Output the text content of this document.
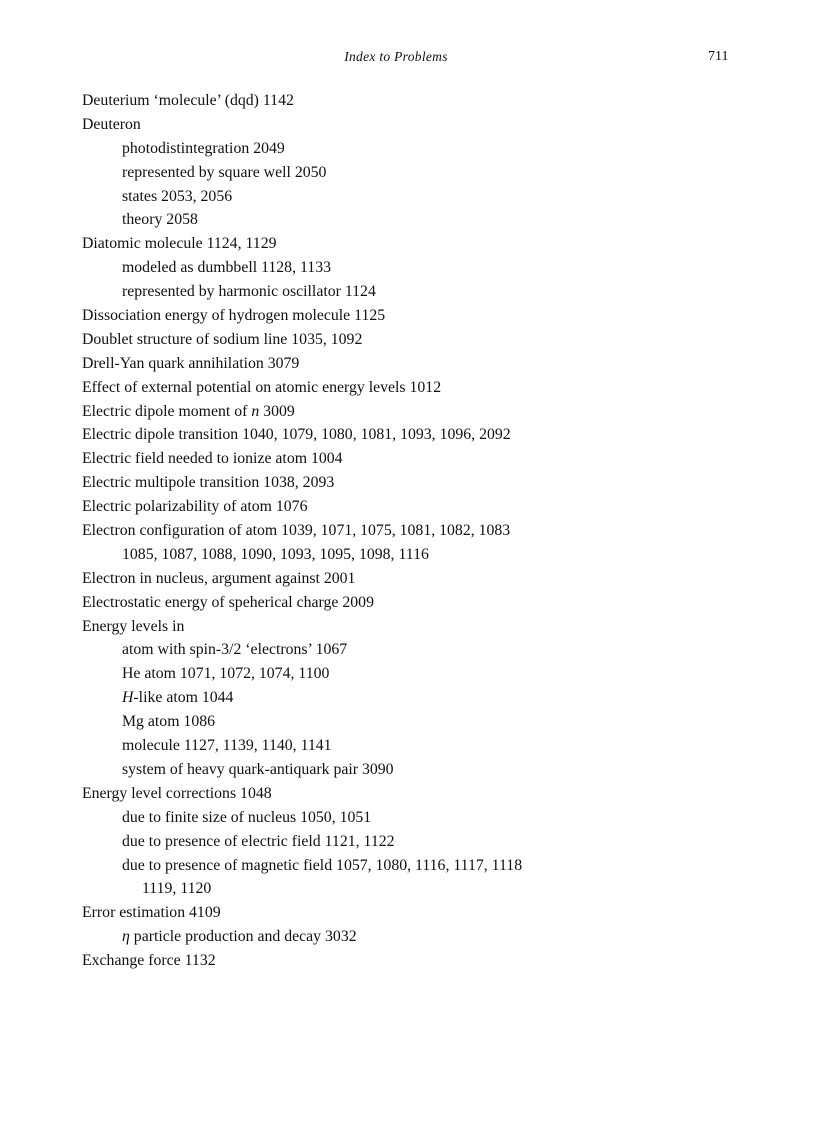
Index to Problems	711
Deuterium ‘molecule’ (dqd) 1142
Deuteron
photodistintegration 2049
represented by square well 2050
states 2053, 2056
theory 2058
Diatomic molecule 1124, 1129
modeled as dumbbell 1128, 1133
represented by harmonic oscillator 1124
Dissociation energy of hydrogen molecule 1125
Doublet structure of sodium line 1035, 1092
Drell-Yan quark annihilation 3079
Effect of external potential on atomic energy levels 1012
Electric dipole moment of n 3009
Electric dipole transition 1040, 1079, 1080, 1081, 1093, 1096, 2092
Electric field needed to ionize atom 1004
Electric multipole transition 1038, 2093
Electric polarizability of atom 1076
Electron configuration of atom 1039, 1071, 1075, 1081, 1082, 1083
1085, 1087, 1088, 1090, 1093, 1095, 1098, 1116
Electron in nucleus, argument against 2001
Electrostatic energy of speherical charge 2009
Energy levels in
atom with spin-3/2 ‘electrons’ 1067
He atom 1071, 1072, 1074, 1100
H-like atom 1044
Mg atom 1086
molecule 1127, 1139, 1140, 1141
system of heavy quark-antiquark pair 3090
Energy level corrections 1048
due to finite size of nucleus 1050, 1051
due to presence of electric field 1121, 1122
due to presence of magnetic field 1057, 1080, 1116, 1117, 1118
1119, 1120
Error estimation 4109
η particle production and decay 3032
Exchange force 1132
